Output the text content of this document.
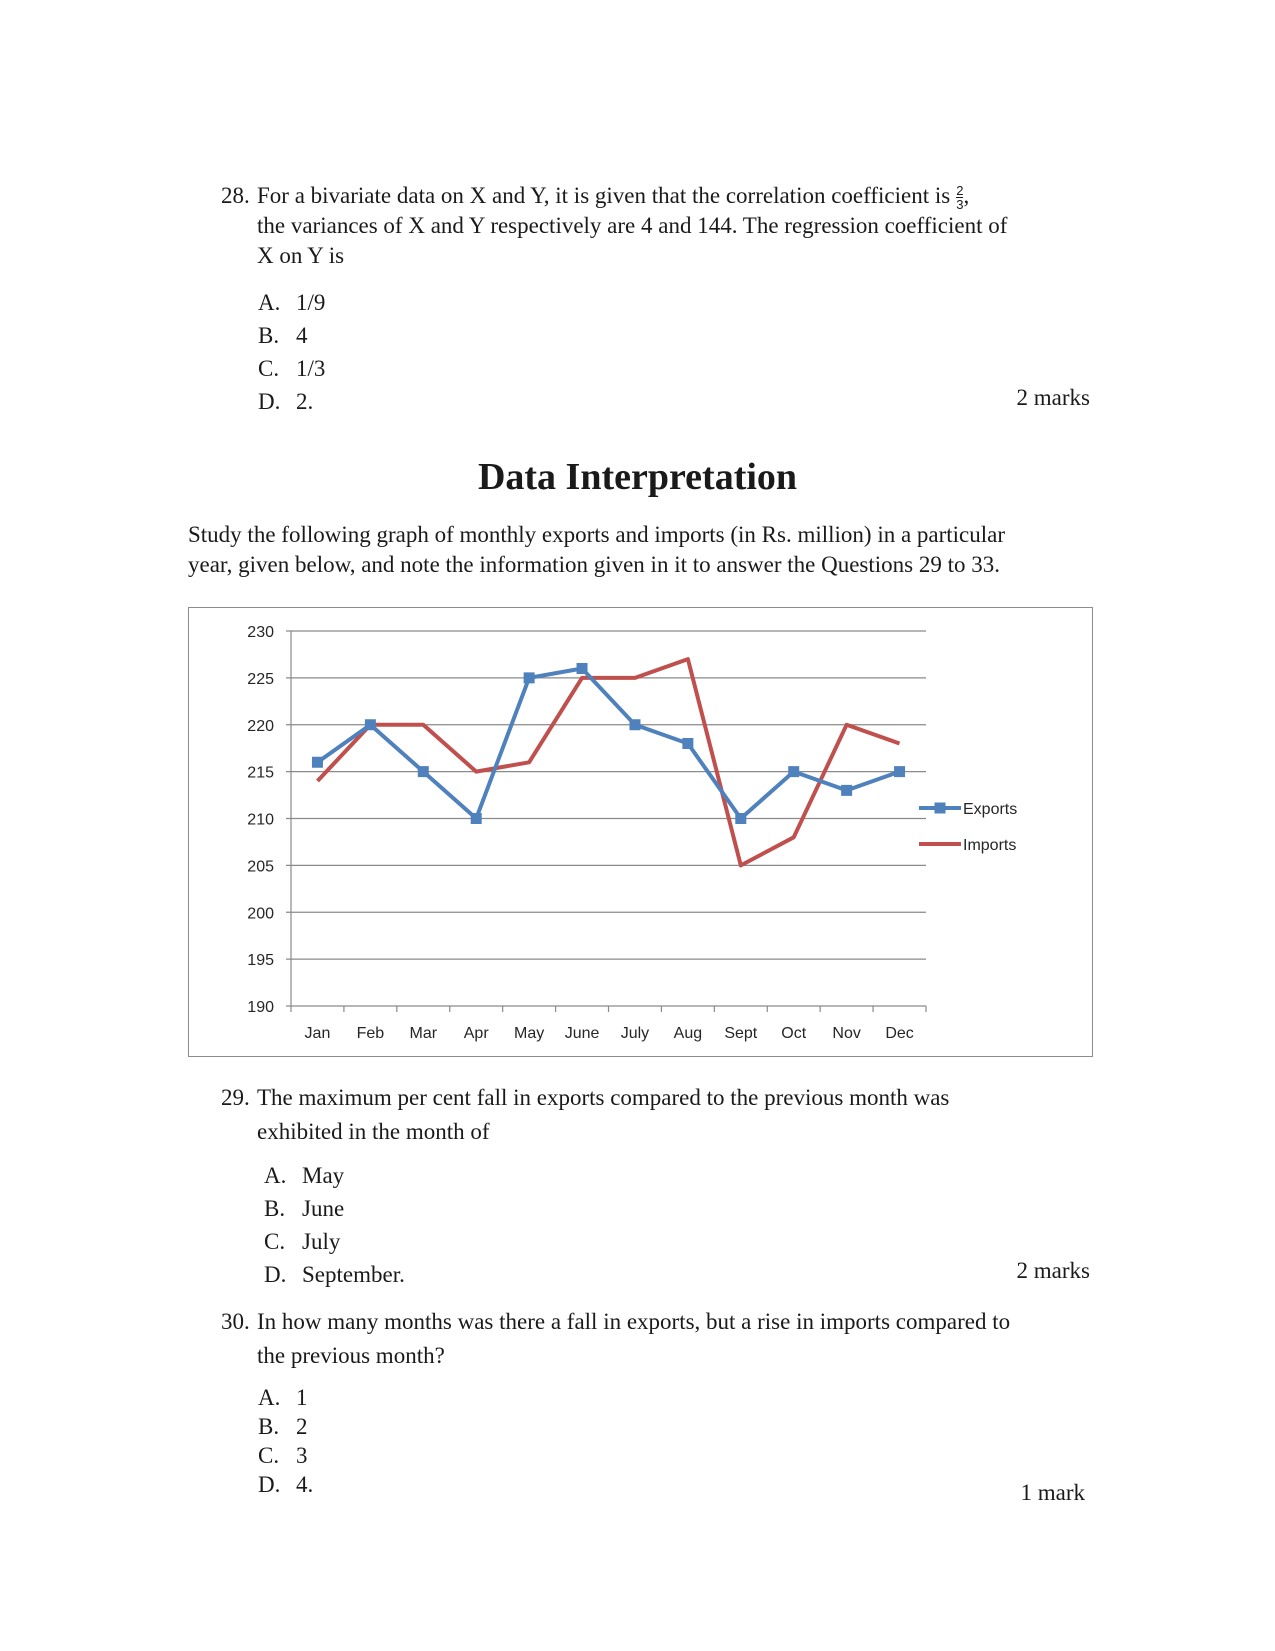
28. For a bivariate data on X and Y, it is given that the correlation coefficient is $\frac{2}{3}$ ,
the variances of X and Y respectively are 4 and 144. The regression coefficient of
X on Y is
A. 1/9
B. 4
C. 1/3
D. 2.	2 marks
Data Interpretation
Study the following graph of monthly exports and imports (in Rs. million) in a particular
year, given below, and note the information given in it to answer the Questions 29 to 33.
190
195
200
205
210
215
220
225
230
Jan Feb Mar Apr May June July Aug Sept Oct Nov Dec
Exports
Imports
29. The maximum per cent fall in exports compared to the previous month was
exhibited in the month of
A. May
B. June
C. July
D. September.	2 marks
30. In how many months was there a fall in exports, but a rise in imports compared to
the previous month?
A. 1
B. 2
C. 3
D. 4.	1 mark
